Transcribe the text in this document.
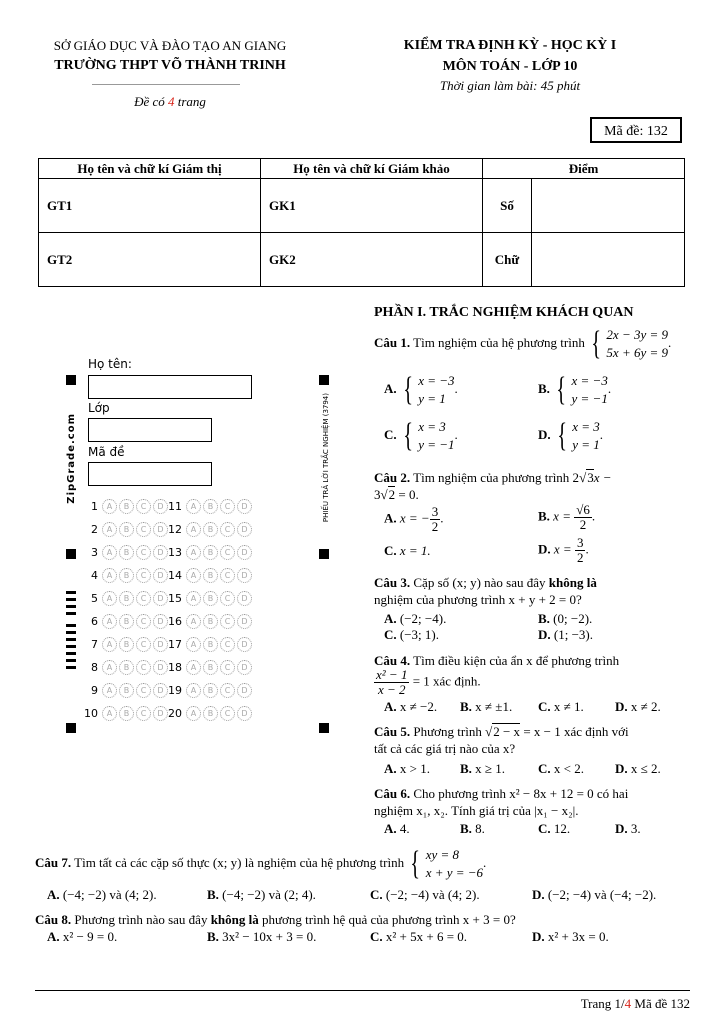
SỞ GIÁO DỤC VÀ ĐÀO TẠO AN GIANG
TRƯỜNG THPT VÕ THÀNH TRINH
Đề có 4 trang
KIỂM TRA ĐỊNH KỲ - HỌC KỲ I
MÔN TOÁN - LỚP 10
Thời gian làm bài: 45 phút
Mã đề: 132
Họ tên và chữ kí Giám thị	Họ tên và chữ kí Giám khảo	Điểm	
GT1	GK1	Số	
GT2	GK2	Chữ	
ZipGrade.com	PHIẾU TRẢ LỜI TRẮC NGHIỆM (3794)
Họ tên:
Lớp
Mã đề
1 A B C D
2 A B C D
3 A B C D
4 A B C D
5 A B C D
6 A B C D
7 A B C D
8 A B C D
9 A B C D
10 A B C D
11 A B C D
12 A B C D
13 A B C D
14 A B C D
15 A B C D
16 A B C D
17 A B C D
18 A B C D
19 A B C D
20 A B C D
PHẦN I. TRẮC NGHIỆM KHÁCH QUAN
Câu 1. Tìm nghiệm của hệ phương trình { 2x − 3y = 9
5x + 6y = 9
.
A. { x = −3
y = 1
.	B. { x = −3
y = −1
.
C. { x = 3
y = −1
.	D. { x = 3
y = 1
.
Câu 2. Tìm nghiệm của phương trình 2√3x −
3√2 = 0.
A. x = − $\frac{3}{2}$ .	B. $x = \frac{√6}{2}$ .
C. x = 1.	D. $x = \frac{3}{2}$ .
Câu 3. Cặp số (x; y) nào sau đây không là
nghiệm của phương trình x + y + 2 = 0?
A. (−2; −4).	B. (0; −2).
C. (−3; 1).	D. (1; −3).
Câu 4. Tìm điều kiện của ẩn x để phương trình
$\frac{\text{x² − 1}}{x - 2} = 1$ xác định.
A. x ≠ −2. B. x ≠ ±1. C. x ≠ 1. D. x ≠ 2.
Câu 5. Phương trình √2 − x = x − 1 xác định với
tất cả các giá trị nào của x?
A. x > 1. B. x ≥ 1.	C. x < 2. D. x ≤ 2.
Câu 6. Cho phương trình x² − 8x + 12 = 0 có hai
nghiệm x₁, x₂. Tính giá trị của |x₁ − x₂|.
A. 4.	B. 8.	C. 12.	D. 3.
Câu 7. Tìm tất cả các cặp số thực (x; y) là nghiệm của hệ phương trình { xy = 8
x + y = −6
.
A. (−4; −2) và (4; 2).	B. (−4; −2) và (2; 4).	C. (−2; −4) và (4; 2).	D. (−2; −4) và (−4; −2).
Câu 8. Phương trình nào sau đây không là phương trình hệ quả của phương trình x + 3 = 0?
A. x² − 9 = 0.	B. 3x² − 10x + 3 = 0.	C. x² + 5x + 6 = 0.	D. x² + 3x = 0.
Trang 1/4 Mã đề 132
